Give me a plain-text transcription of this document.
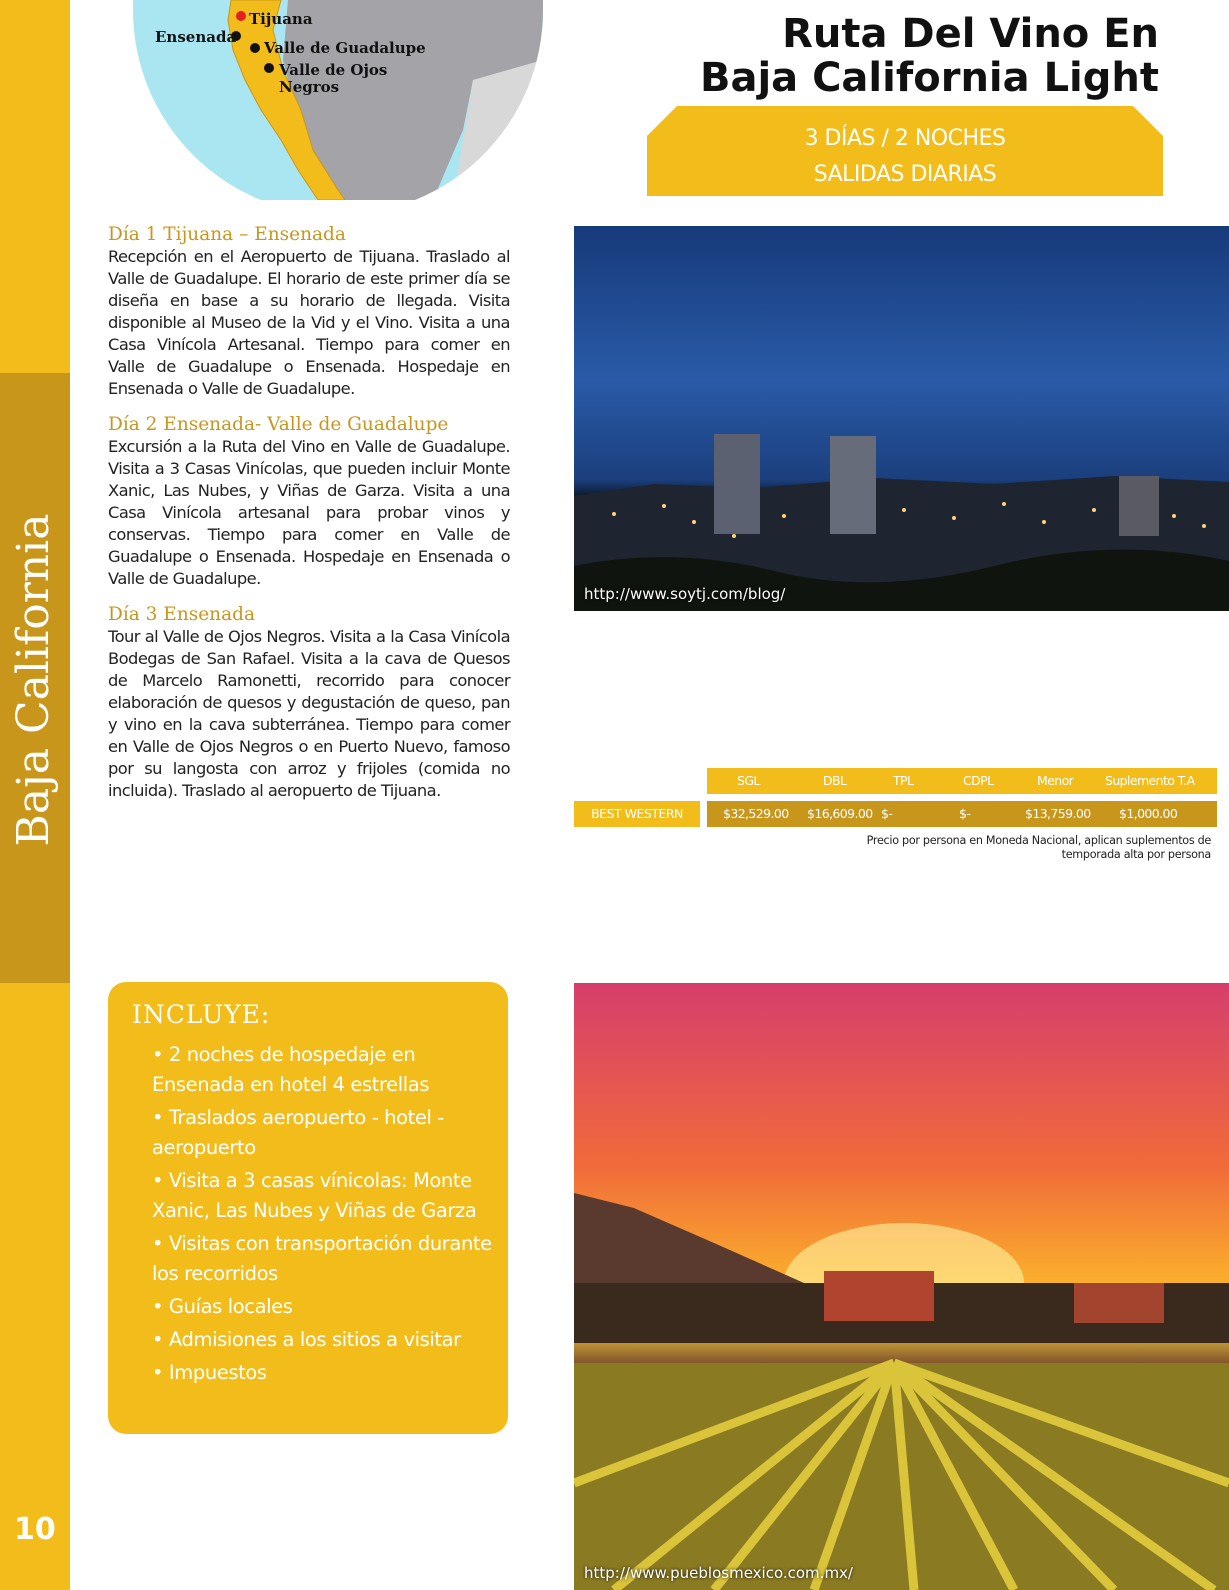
Baja California
10
Tijuana
Ensenada
Valle de Guadalupe
Valle de Ojos
Negros
Ruta Del Vino En
Baja California Light
3 DÍAS / 2 NOCHES
SALIDAS DIARIAS
Día 1 Tijuana – Ensenada

Recepción en el Aeropuerto de Tijuana. Traslado al Valle de Guadalupe. El horario de este primer día se diseña en base a su horario de llegada. Visita disponible al Museo de la Vid y el Vino. Visita a una Casa Vinícola Artesanal. Tiempo para comer en Valle de Guadalupe o Ensenada. Hospedaje en Ensenada o Valle de Guadalupe.

Día 2 Ensenada- Valle de Guadalupe

Excursión a la Ruta del Vino en Valle de Guadalupe. Visita a 3 Casas Vinícolas, que pueden incluir Monte Xanic, Las Nubes, y Viñas de Garza. Visita a una Casa Vinícola artesanal para probar vinos y conservas. Tiempo para comer en Valle de Guadalupe o Ensenada. Hospedaje en Ensenada o Valle de Guadalupe.

Día 3 Ensenada

Tour al Valle de Ojos Negros. Visita a la Casa Vinícola Bodegas de San Rafael. Visita a la cava de Quesos de Marcelo Ramonetti, recorrido para conocer elaboración de quesos y degustación de queso, pan y vino en la cava subterránea. Tiempo para comer en Valle de Ojos Negros o en Puerto Nuevo, famoso por su langosta con arroz y frijoles (comida no incluida). Traslado al aeropuerto de Tijuana.

http://www.soytj.com/blog/
SGL	DBL	TPL	CDPL	Menor	Suplemento T.A
BEST WESTERN	$32,529.00 $16,609.00 $-	$-	$13,759.00 $1,000.00
Precio por persona en Moneda Nacional, aplican suplementos de
temporada alta por persona
INCLUYE:
• 2 noches de hospedaje en Ensenada en hotel 4 estrellas
• Traslados aeropuerto - hotel - aeropuerto
• Visita a 3 casas vínicolas: Monte Xanic, Las Nubes y Viñas de Garza
• Visitas con transportación durante los recorridos
• Guías locales
• Admisiones a los sitios a visitar
• Impuestos
http://www.pueblosmexico.com.mx/
